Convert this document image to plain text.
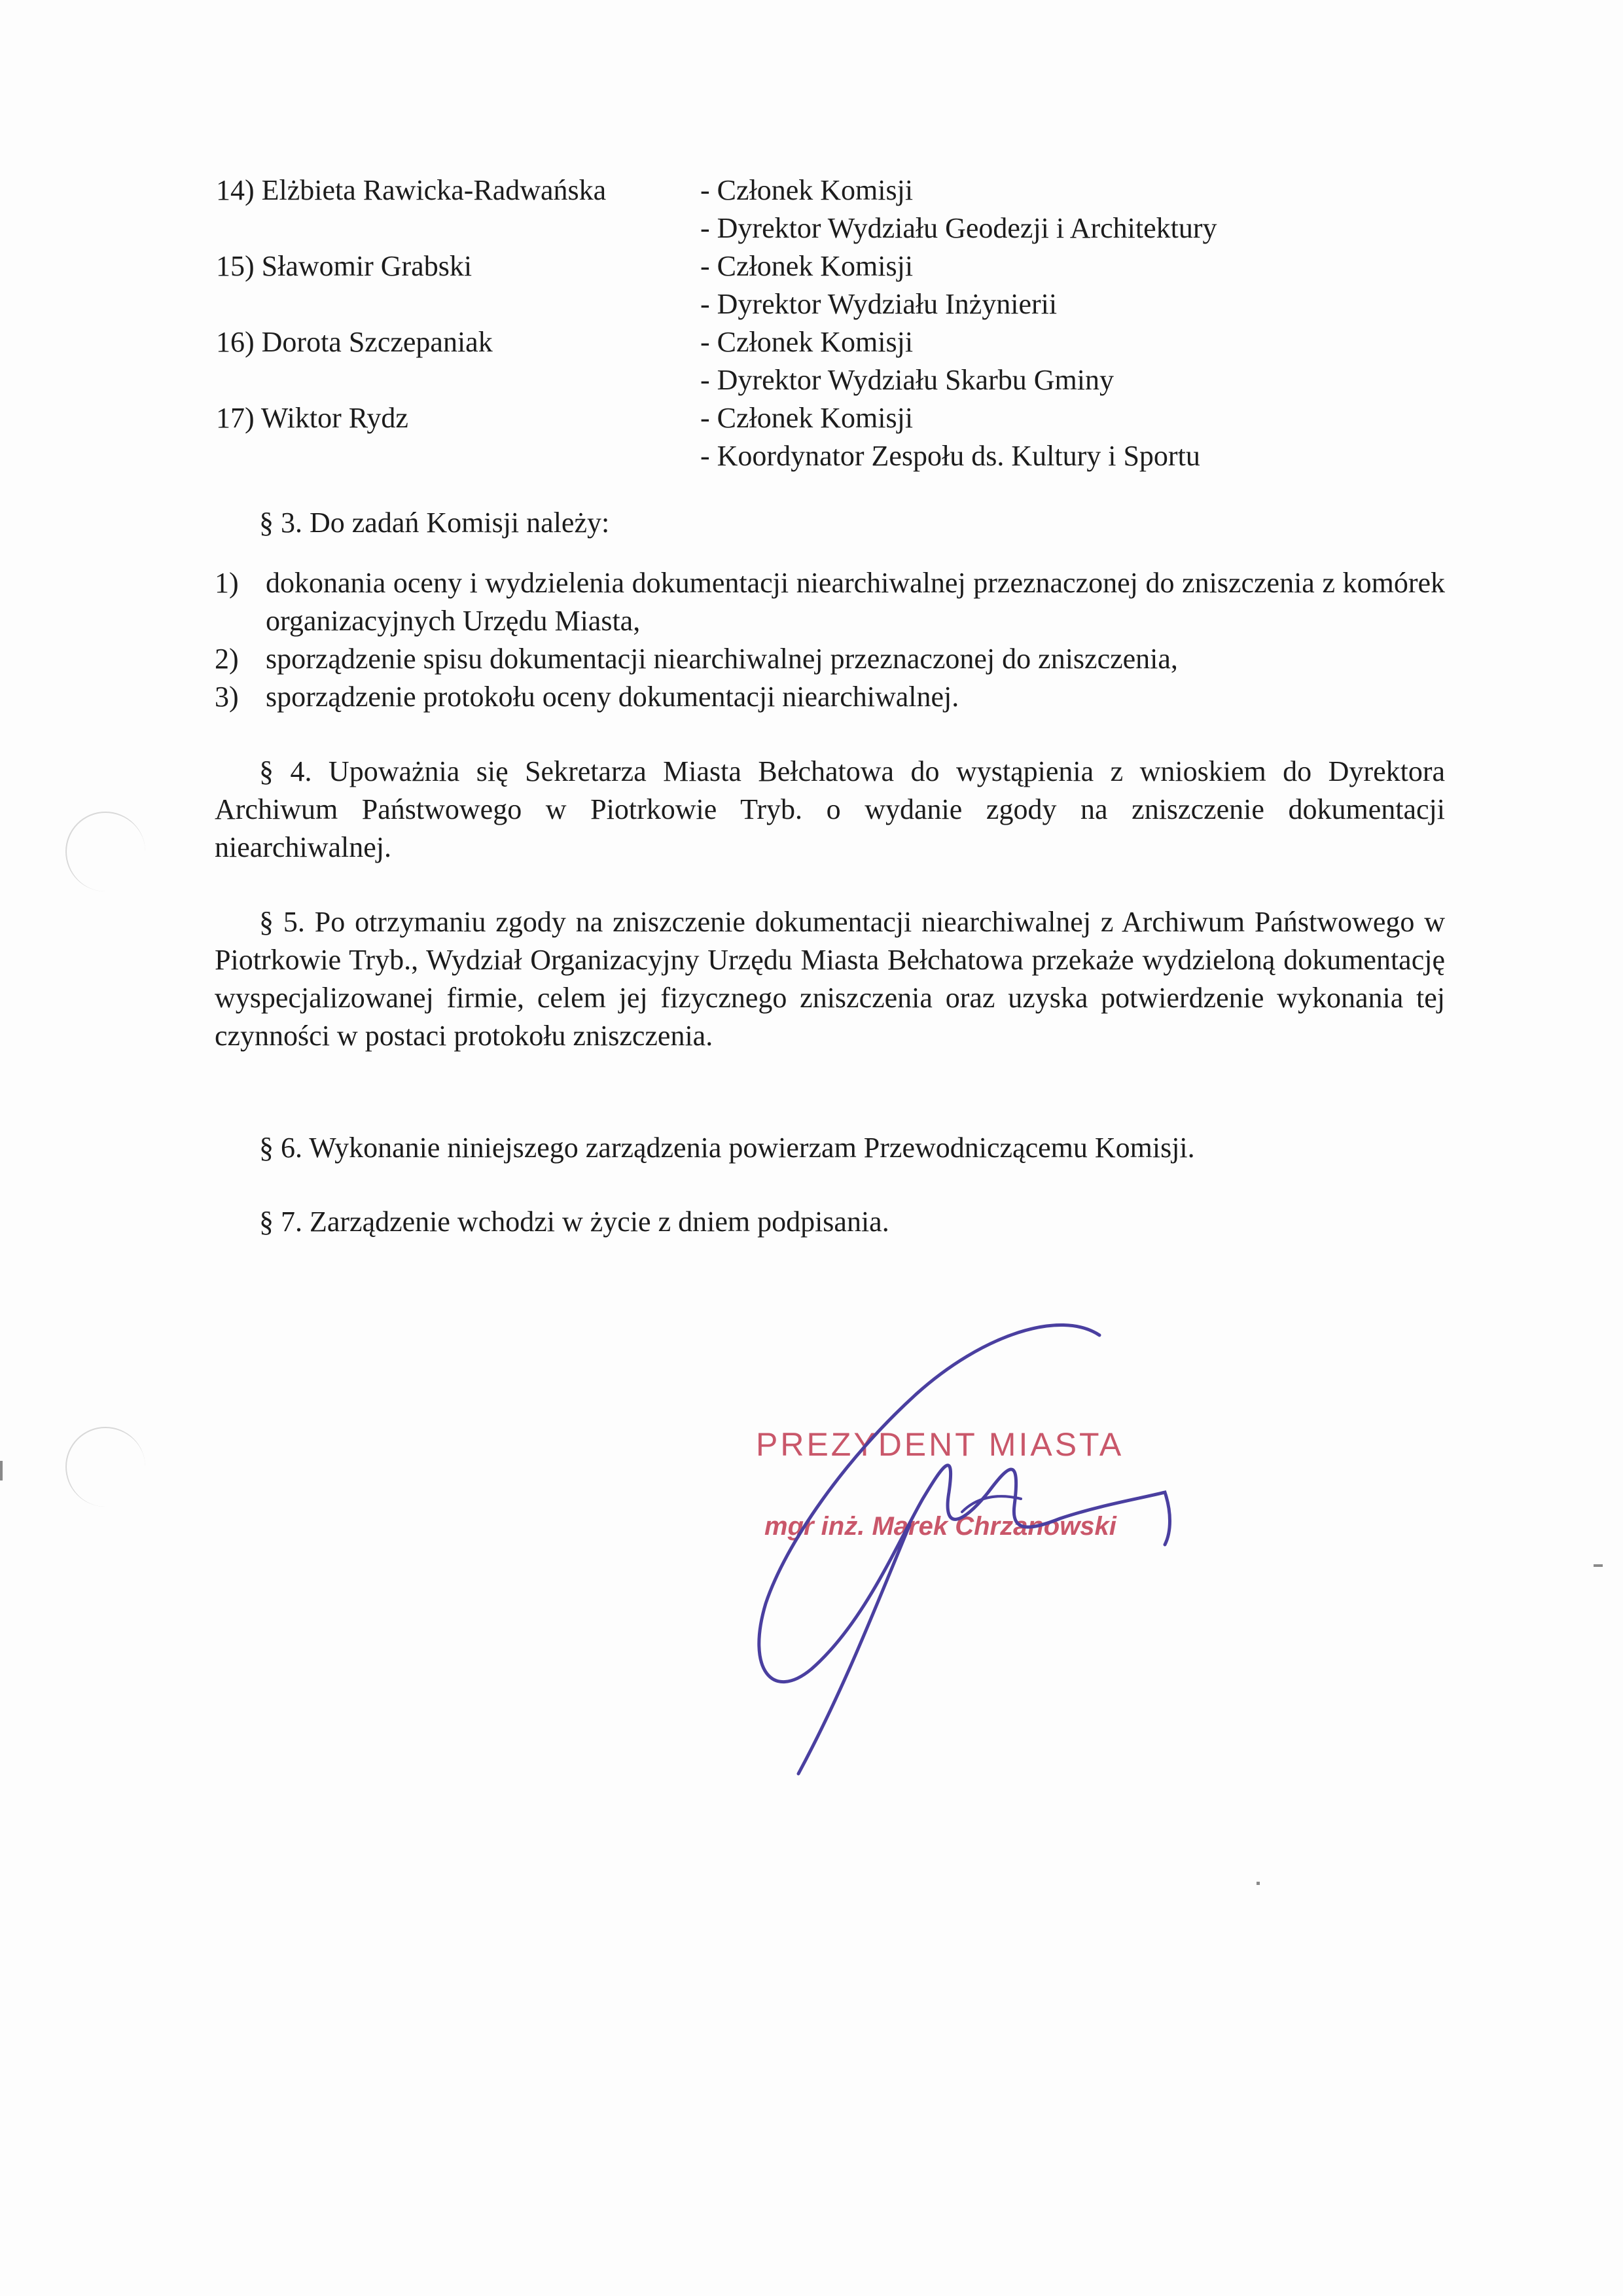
14) Elżbieta Rawicka-Radwańska	- Członek Komisji
- Dyrektor Wydziału Geodezji i Architektury
15) Sławomir Grabski	- Członek Komisji
- Dyrektor Wydziału Inżynierii
16) Dorota Szczepaniak	- Członek Komisji
- Dyrektor Wydziału Skarbu Gminy
17) Wiktor Rydz	- Członek Komisji
- Koordynator Zespołu ds. Kultury i Sportu

§ 3. Do zadań Komisji należy:

1) dokonania oceny i wydzielenia dokumentacji niearchiwalnej przeznaczonej do zniszczenia z komórek organizacyjnych Urzędu Miasta,
2) sporządzenie spisu dokumentacji niearchiwalnej przeznaczonej do zniszczenia,
3) sporządzenie protokołu oceny dokumentacji niearchiwalnej.

§ 4. Upoważnia się Sekretarza Miasta Bełchatowa do wystąpienia z wnioskiem do Dyrektora Archiwum Państwowego w Piotrkowie Tryb. o wydanie zgody na zniszczenie dokumentacji niearchiwalnej.

§ 5. Po otrzymaniu zgody na zniszczenie dokumentacji niearchiwalnej z Archiwum Państwowego w Piotrkowie Tryb., Wydział Organizacyjny Urzędu Miasta Bełchatowa przekaże wydzieloną dokumentację wyspecjalizowanej firmie, celem jej fizycznego zniszczenia oraz uzyska potwierdzenie wykonania tej czynności w postaci protokołu zniszczenia.

§ 6. Wykonanie niniejszego zarządzenia powierzam Przewodniczącemu Komisji.

§ 7. Zarządzenie wchodzi w życie z dniem podpisania.

PREZYDENT MIASTA
mgr inż. Marek Chrzanowski
